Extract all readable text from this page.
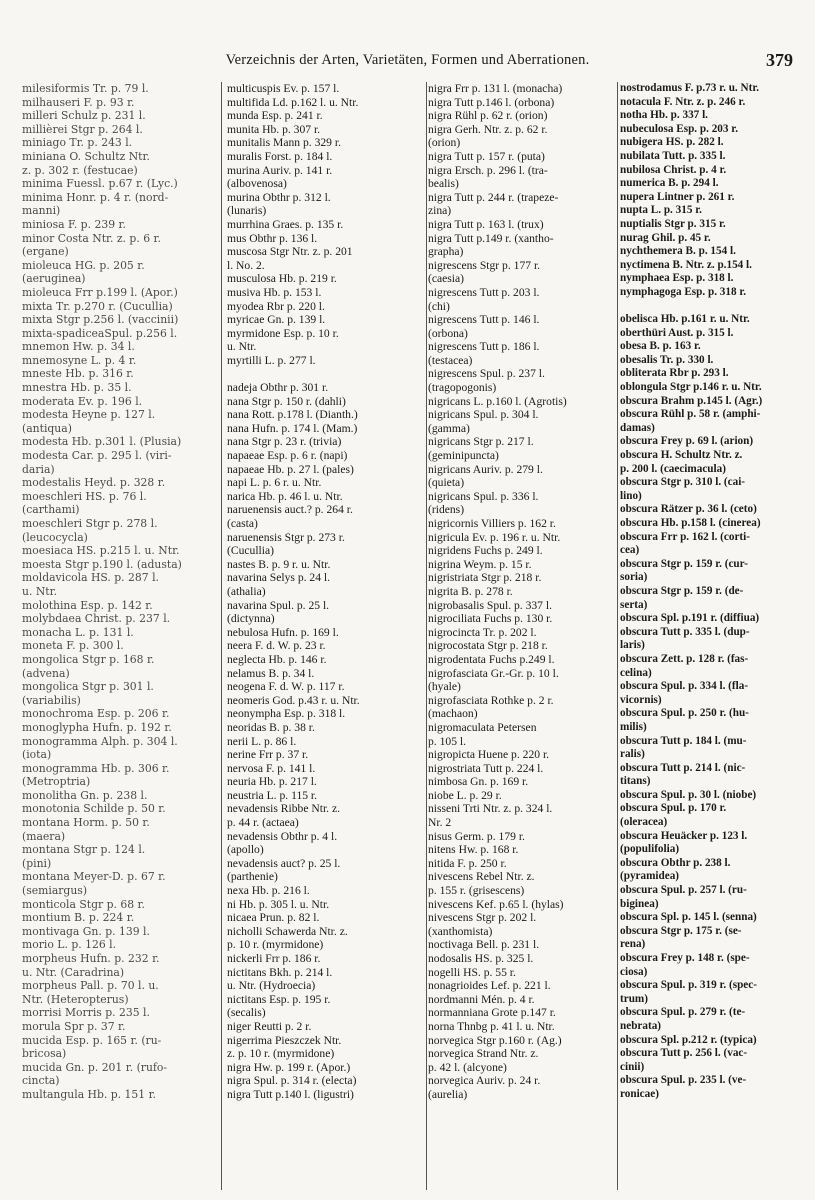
Verzeichnis der Arten, Varietäten, Formen und Aberrationen.	379
milesiformis Tr. p. 79 l.
milhauseri F. p. 93 r.
milleri Schulz p. 231 l.
millièrei Stgr p. 264 l.
miniago Tr. p. 243 l.
miniana O. Schultz Ntr.
z. p. 302 r. (festucae)
minima Fuessl. p.67 r. (Lyc.)
minima Honr. p. 4 r. (nord-
manni)
miniosa F. p. 239 r.
minor Costa Ntr. z. p. 6 r.
(ergane)
mioleuca HG. p. 205 r.
(aeruginea)
mioleuca Frr p.199 l. (Apor.)
mixta Tr. p.270 r. (Cucullia)
mixta Stgr p.256 l. (vaccinii)
mixta-spadiceaSpul. p.256 l.
mnemon Hw. p. 34 l.
mnemosyne L. p. 4 r.
mneste Hb. p. 316 r.
mnestra Hb. p. 35 l.
moderata Ev. p. 196 l.
modesta Heyne p. 127 l.
(antiqua)
modesta Hb. p.301 l. (Plusia)
modesta Car. p. 295 l. (viri-
daria)
modestalis Heyd. p. 328 r.
moeschleri HS. p. 76 l.
(carthami)
moeschleri Stgr p. 278 l.
(leucocycla)
moesiaca HS. p.215 l. u. Ntr.
moesta Stgr p.190 l. (adusta)
moldavicola HS. p. 287 l.
u. Ntr.
molothina Esp. p. 142 r.
molybdaea Christ. p. 237 l.
monacha L. p. 131 l.
moneta F. p. 300 l.
mongolica Stgr p. 168 r.
(advena)
mongolica Stgr p. 301 l.
(variabilis)
monochroma Esp. p. 206 r.
monoglypha Hufn. p. 192 r.
monogramma Alph. p. 304 l.
(iota)
monogramma Hb. p. 306 r.
(Metroptria)
monolitha Gn. p. 238 l.
monotonia Schilde p. 50 r.
montana Horm. p. 50 r.
(maera)
montana Stgr p. 124 l.
(pini)
montana Meyer-D. p. 67 r.
(semiargus)
monticola Stgr p. 68 r.
montium B. p. 224 r.
montivaga Gn. p. 139 l.
morio L. p. 126 l.
morpheus Hufn. p. 232 r.
u. Ntr. (Caradrina)
morpheus Pall. p. 70 l. u.
Ntr. (Heteropterus)
morrisi Morris p. 235 l.
morula Spr p. 37 r.
mucida Esp. p. 165 r. (ru-
bricosa)
mucida Gn. p. 201 r. (rufo-
cincta)
multangula Hb. p. 151 r.
multicuspis Ev. p. 157 l.
multifida Ld. p.162 l. u. Ntr.
munda Esp. p. 241 r.
munita Hb. p. 307 r.
munitalis Mann p. 329 r.
muralis Forst. p. 184 l.
murina Auriv. p. 141 r.
(albovenosa)
murina Obthr p. 312 l.
(lunaris)
murrhina Graes. p. 135 r.
mus Obthr p. 136 l.
muscosa Stgr Ntr. z. p. 201
l. No. 2.
musculosa Hb. p. 219 r.
musiva Hb. p. 153 l.
myodea Rbr p. 220 l.
myricae Gn. p. 139 l.
myrmidone Esp. p. 10 r.
u. Ntr.
myrtilli L. p. 277 l.
nadeja Obthr p. 301 r.
nana Stgr p. 150 r. (dahli)
nana Rott. p.178 l. (Dianth.)
nana Hufn. p. 174 l. (Mam.)
nana Stgr p. 23 r. (trivia)
napaeae Esp. p. 6 r. (napi)
napaeae Hb. p. 27 l. (pales)
napi L. p. 6 r. u. Ntr.
narica Hb. p. 46 l. u. Ntr.
naruenensis auct.? p. 264 r.
(casta)
naruenensis Stgr p. 273 r.
(Cucullia)
nastes B. p. 9 r. u. Ntr.
navarina Selys p. 24 l.
(athalia)
navarina Spul. p. 25 l.
(dictynna)
nebulosa Hufn. p. 169 l.
neera F. d. W. p. 23 r.
neglecta Hb. p. 146 r.
nelamus B. p. 34 l.
neogena F. d. W. p. 117 r.
neomeris God. p.43 r. u. Ntr.
neonympha Esp. p. 318 l.
neoridas B. p. 38 r.
nerii L. p. 86 l.
nerine Frr p. 37 r.
nervosa F. p. 141 l.
neuria Hb. p. 217 l.
neustria L. p. 115 r.
nevadensis Ribbe Ntr. z.
p. 44 r. (actaea)
nevadensis Obthr p. 4 l.
(apollo)
nevadensis auct? p. 25 l.
(parthenie)
nexa Hb. p. 216 l.
ni Hb. p. 305 l. u. Ntr.
nicaea Prun. p. 82 l.
nicholli Schawerda Ntr. z.
p. 10 r. (myrmidone)
nickerli Frr p. 186 r.
nictitans Bkh. p. 214 l.
u. Ntr. (Hydroecia)
nictitans Esp. p. 195 r.
(secalis)
niger Reutti p. 2 r.
nigerrima Pieszczek Ntr.
z. p. 10 r. (myrmidone)
nigra Hw. p. 199 r. (Apor.)
nigra Spul. p. 314 r. (electa)
nigra Tutt p.140 l. (ligustri)
nigra Frr p. 131 l. (monacha)
nigra Tutt p.146 l. (orbona)
nigra Rühl p. 62 r. (orion)
nigra Gerh. Ntr. z. p. 62 r.
(orion)
nigra Tutt p. 157 r. (puta)
nigra Ersch. p. 296 l. (tra-
bealis)
nigra Tutt p. 244 r. (trapeze-
zina)
nigra Tutt p. 163 l. (trux)
nigra Tutt p.149 r. (xantho-
grapha)
nigrescens Stgr p. 177 r.
(caesia)
nigrescens Tutt p. 203 l.
(chi)
nigrescens Tutt p. 146 l.
(orbona)
nigrescens Tutt p. 186 l.
(testacea)
nigrescens Spul. p. 237 l.
(tragopogonis)
nigricans L. p.160 l. (Agrotis)
nigricans Spul. p. 304 l.
(gamma)
nigricans Stgr p. 217 l.
(geminipuncta)
nigricans Auriv. p. 279 l.
(quieta)
nigricans Spul. p. 336 l.
(ridens)
nigricornis Villiers p. 162 r.
nigricula Ev. p. 196 r. u. Ntr.
nigridens Fuchs p. 249 l.
nigrina Weym. p. 15 r.
nigristriata Stgr p. 218 r.
nigrita B. p. 278 r.
nigrobasalis Spul. p. 337 l.
nigrociliata Fuchs p. 130 r.
nigrocincta Tr. p. 202 l.
nigrocostata Stgr p. 218 r.
nigrodentata Fuchs p.249 l.
nigrofasciata Gr.-Gr. p. 10 l.
(hyale)
nigrofasciata Rothke p. 2 r.
(machaon)
nigromaculata Petersen
p. 105 l.
nigropicta Huene p. 220 r.
nigrostriata Tutt p. 224 l.
nimbosa Gn. p. 169 r.
niobe L. p. 29 r.
nisseni Trti Ntr. z. p. 324 l.
Nr. 2
nisus Germ. p. 179 r.
nitens Hw. p. 168 r.
nitida F. p. 250 r.
nivescens Rebel Ntr. z.
p. 155 r. (grisescens)
nivescens Kef. p.65 l. (hylas)
nivescens Stgr p. 202 l.
(xanthomista)
noctivaga Bell. p. 231 l.
nodosalis HS. p. 325 l.
nogelli HS. p. 55 r.
nonagrioides Lef. p. 221 l.
nordmanni Mén. p. 4 r.
normanniana Grote p.147 r.
norna Thnbg p. 41 l. u. Ntr.
norvegica Stgr p.160 r. (Ag.)
norvegica Strand Ntr. z.
p. 42 l. (alcyone)
norvegica Auriv. p. 24 r.
(aurelia)
nostrodamus F. p.73 r. u. Ntr.
notacula F. Ntr. z. p. 246 r.
notha Hb. p. 337 l.
nubeculosa Esp. p. 203 r.
nubigera HS. p. 282 l.
nubilata Tutt. p. 335 l.
nubilosa Christ. p. 4 r.
numerica B. p. 294 l.
nupera Lintner p. 261 r.
nupta L. p. 315 r.
nuptialis Stgr p. 315 r.
nurag Ghil. p. 45 r.
nychthemera B. p. 154 l.
nyctimena B. Ntr. z. p.154 l.
nymphaea Esp. p. 318 l.
nymphagoga Esp. p. 318 r.
obelisca Hb. p.161 r. u. Ntr.
oberthüri Aust. p. 315 l.
obesa B. p. 163 r.
obesalis Tr. p. 330 l.
obliterata Rbr p. 293 l.
oblongula Stgr p.146 r. u. Ntr.
obscura Brahm p.145 l. (Agr.)
obscura Rühl p. 58 r. (amphi-
damas)
obscura Frey p. 69 l. (arion)
obscura H. Schultz Ntr. z.
p. 200 l. (caecimacula)
obscura Stgr p. 310 l. (cai-
lino)
obscura Rätzer p. 36 l. (ceto)
obscura Hb. p.158 l. (cinerea)
obscura Frr p. 162 l. (corti-
cea)
obscura Stgr p. 159 r. (cur-
soria)
obscura Stgr p. 159 r. (de-
serta)
obscura Spl. p.191 r. (diffiua)
obscura Tutt p. 335 l. (dup-
laris)
obscura Zett. p. 128 r. (fas-
celina)
obscura Spul. p. 334 l. (fla-
vicornis)
obscura Spul. p. 250 r. (hu-
milis)
obscura Tutt p. 184 l. (mu-
ralis)
obscura Tutt p. 214 l. (nic-
titans)
obscura Spul. p. 30 l. (niobe)
obscura Spul. p. 170 r.
(oleracea)
obscura Heuäcker p. 123 l.
(populifolia)
obscura Obthr p. 238 l.
(pyramidea)
obscura Spul. p. 257 l. (ru-
biginea)
obscura Spl. p. 145 l. (senna)
obscura Stgr p. 175 r. (se-
rena)
obscura Frey p. 148 r. (spe-
ciosa)
obscura Spul. p. 319 r. (spec-
trum)
obscura Spul. p. 279 r. (te-
nebrata)
obscura Spl. p.212 r. (typica)
obscura Tutt p. 256 l. (vac-
cinii)
obscura Spul. p. 235 l. (ve-
ronicae)
